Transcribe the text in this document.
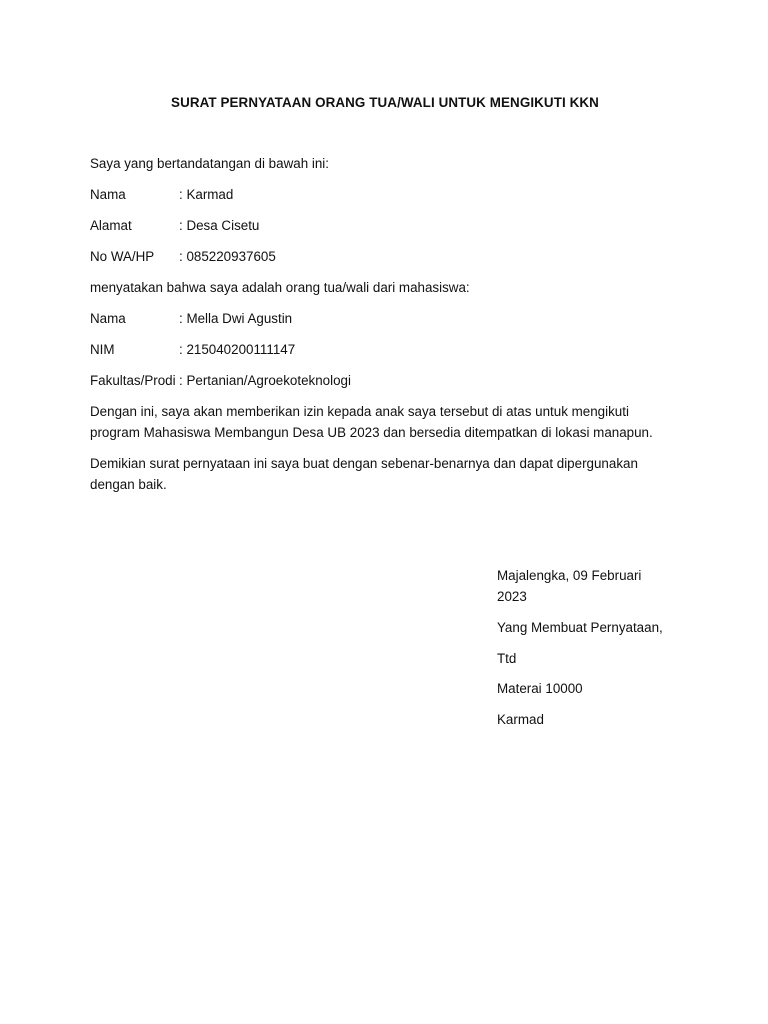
SURAT PERNYATAAN ORANG TUA/WALI UNTUK MENGIKUTI KKN
Saya yang bertandatangan di bawah ini:
Nama	: Karmad
Alamat	: Desa Cisetu
No WA/HP : 085220937605
menyatakan bahwa saya adalah orang tua/wali dari mahasiswa:
Nama	: Mella Dwi Agustin
NIM	: 215040200111147
Fakultas/Prodi : Pertanian/Agroekoteknologi
Dengan ini, saya akan memberikan izin kepada anak saya tersebut di atas untuk mengikuti
program Mahasiswa Membangun Desa UB 2023 dan bersedia ditempatkan di lokasi manapun.
Demikian surat pernyataan ini saya buat dengan sebenar-benarnya dan dapat dipergunakan
dengan baik.
Majalengka, 09 Februari
2023
Yang Membuat Pernyataan,
Ttd
Materai 10000
Karmad
